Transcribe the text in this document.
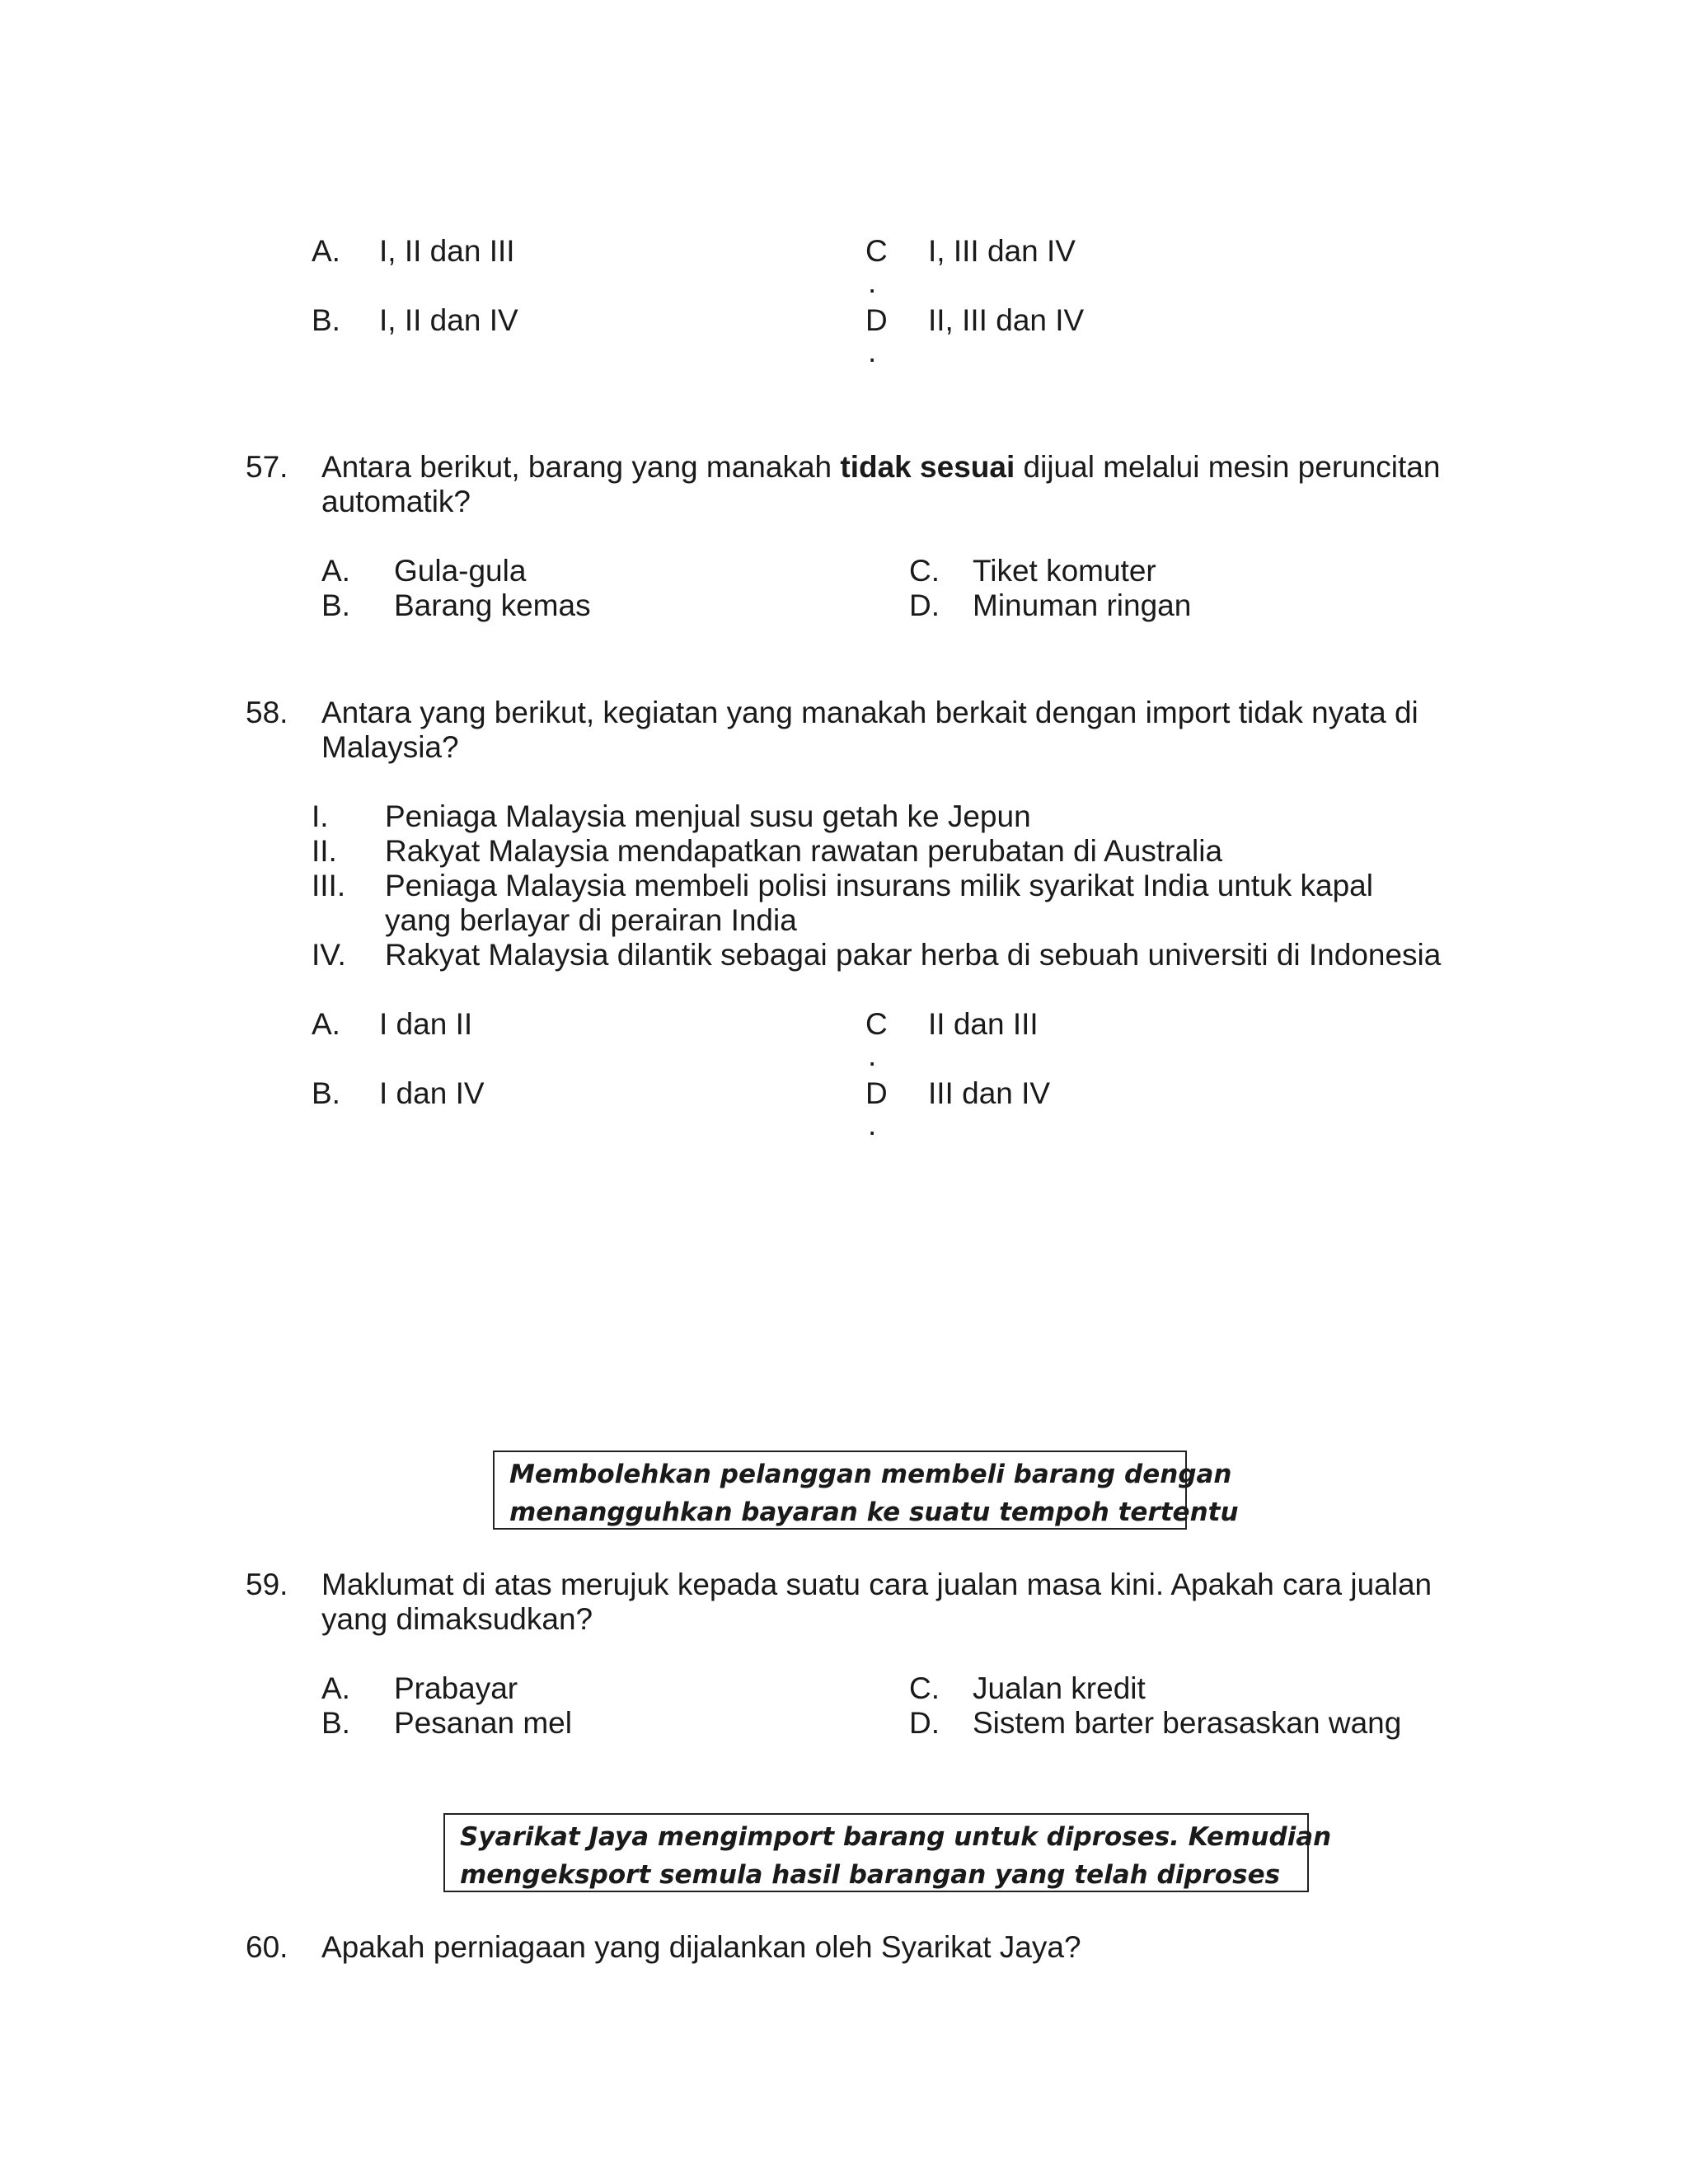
A. I, II dan III
B. I, II dan IV
C
.
I, III dan IV
D
.
II, III dan IV
57. Antara berikut, barang yang manakah tidak sesuai dijual melalui mesin peruncitan
automatik?
A. Gula-gula
B. Barang kemas
C. Tiket komuter
D. Minuman ringan
58. Antara yang berikut, kegiatan yang manakah berkait dengan import tidak nyata di
Malaysia?
I. Peniaga Malaysia menjual susu getah ke Jepun
II. Rakyat Malaysia mendapatkan rawatan perubatan di Australia
III. Peniaga Malaysia membeli polisi insurans milik syarikat India untuk kapal
yang berlayar di perairan India
IV. Rakyat Malaysia dilantik sebagai pakar herba di sebuah universiti di Indonesia
A. I dan II
B. I dan IV
C
.
II dan III
D
.
III dan IV
Membolehkan pelanggan membeli barang dengan
menangguhkan bayaran ke suatu tempoh tertentu
59. Maklumat di atas merujuk kepada suatu cara jualan masa kini. Apakah cara jualan
yang dimaksudkan?
A. Prabayar
B. Pesanan mel
C. Jualan kredit
D. Sistem barter berasaskan wang
Syarikat Jaya mengimport barang untuk diproses. Kemudian
mengeksport semula hasil barangan yang telah diproses
60. Apakah perniagaan yang dijalankan oleh Syarikat Jaya?
